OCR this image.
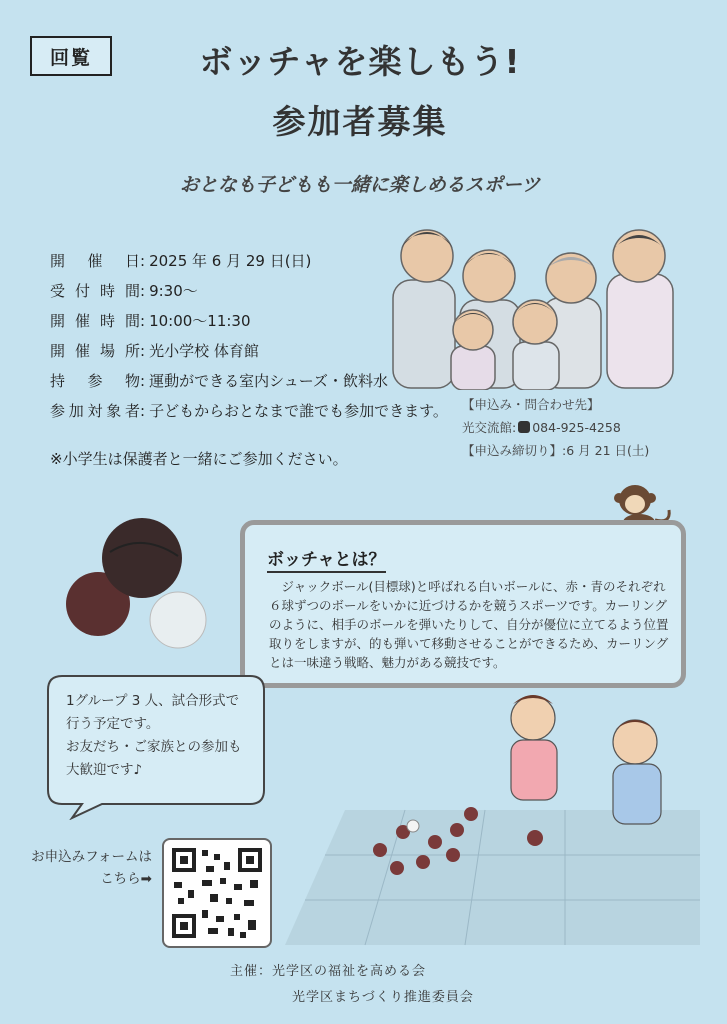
回覧	ボッチャを楽しもう!
参加者募集
おとなも子どもも一緒に楽しめるスポーツ
開 催 日 : 2025 年 6 月 29 日(日)
受 付 時 間 : 9:30〜
開 催 時 間 : 10:00〜11:30
開 催 場 所 : 光小学校 体育館
持 参 物 : 運動ができる室内シューズ・飲料水
参 加 対 象 者 : 子どもからおとなまで誰でも参加できます。
※小学生は保護者と一緒にご参加ください。
【申込み・問合わせ先】
光交流館: 084-925-4258
【申込み締切り】:6 月 21 日(土)
ボッチャとは？
ジャックボール(目標球)と呼ばれる白いボールに、赤・青のそれぞれ６球ずつのボールをいかに近づけるかを競うスポーツです。カーリングのように、相手のボールを弾いたりして、自分が優位に立てるよう位置取りをしますが、的も弾いて移動させることができるため、カーリングとは一味違う戦略、魅力がある競技です。
1グループ 3 人、試合形式で
行う予定です。
お友だち・ご家族との参加も
大歓迎です♪
お申込みフォームは
こちら➡
主催：光学区の福祉を高める会
光学区まちづくり推進委員会
